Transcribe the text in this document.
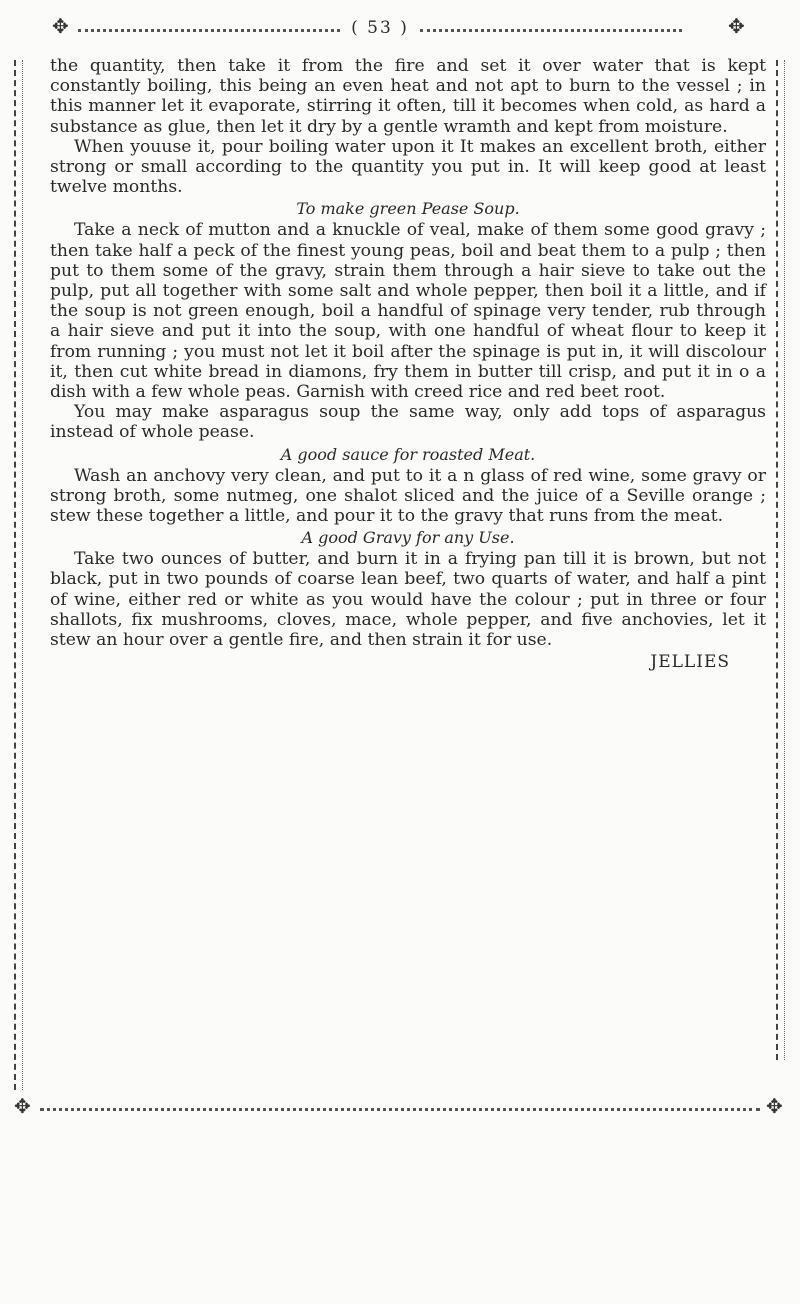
✥	( 53 )	✥

the quantity, then take it from the fire and set it over water that is kept constantly boiling, this being an even heat and not apt to burn to the vessel ; in this manner let it evaporate, stirring it often, till it becomes when cold, as hard a substance as glue, then let it dry by a gentle wramth and kept from moisture.

When youuse it, pour boiling water upon it It makes an excellent broth, either strong or small according to the quantity you put in. It will keep good at least twelve months.

To make green Pease Soup.

Take a neck of mutton and a knuckle of veal, make of them some good gravy ; then take half a peck of the finest young peas, boil and beat them to a pulp ; then put to them some of the gravy, strain them through a hair sieve to take out the pulp, put all together with some salt and whole pepper, then boil it a little, and if the soup is not green enough, boil a handful of spinage very tender, rub through a hair sieve and put it into the soup, with one handful of wheat flour to keep it from running ; you must not let it boil after the spinage is put in, it will discolour it, then cut white bread in diamons, fry them in butter till crisp, and put it in o a dish with a few whole peas. Garnish with creed rice and red beet root.

You may make asparagus soup the same way, only add tops of asparagus instead of whole pease.

A good sauce for roasted Meat.

Wash an anchovy very clean, and put to it a n glass of red wine, some gravy or strong broth, some nutmeg, one shalot sliced and the juice of a Seville orange ; stew these together a little, and pour it to the gravy that runs from the meat.

A good Gravy for any Use.

Take two ounces of butter, and burn it in a frying pan till it is brown, but not black, put in two pounds of coarse lean beef, two quarts of water, and half a pint of wine, either red or white as you would have the colour ; put in three or four shallots, fix mushrooms, cloves, mace, whole pepper, and five anchovies, let it stew an hour over a gentle fire, and then strain it for use.

JELLIES
✥	✥
